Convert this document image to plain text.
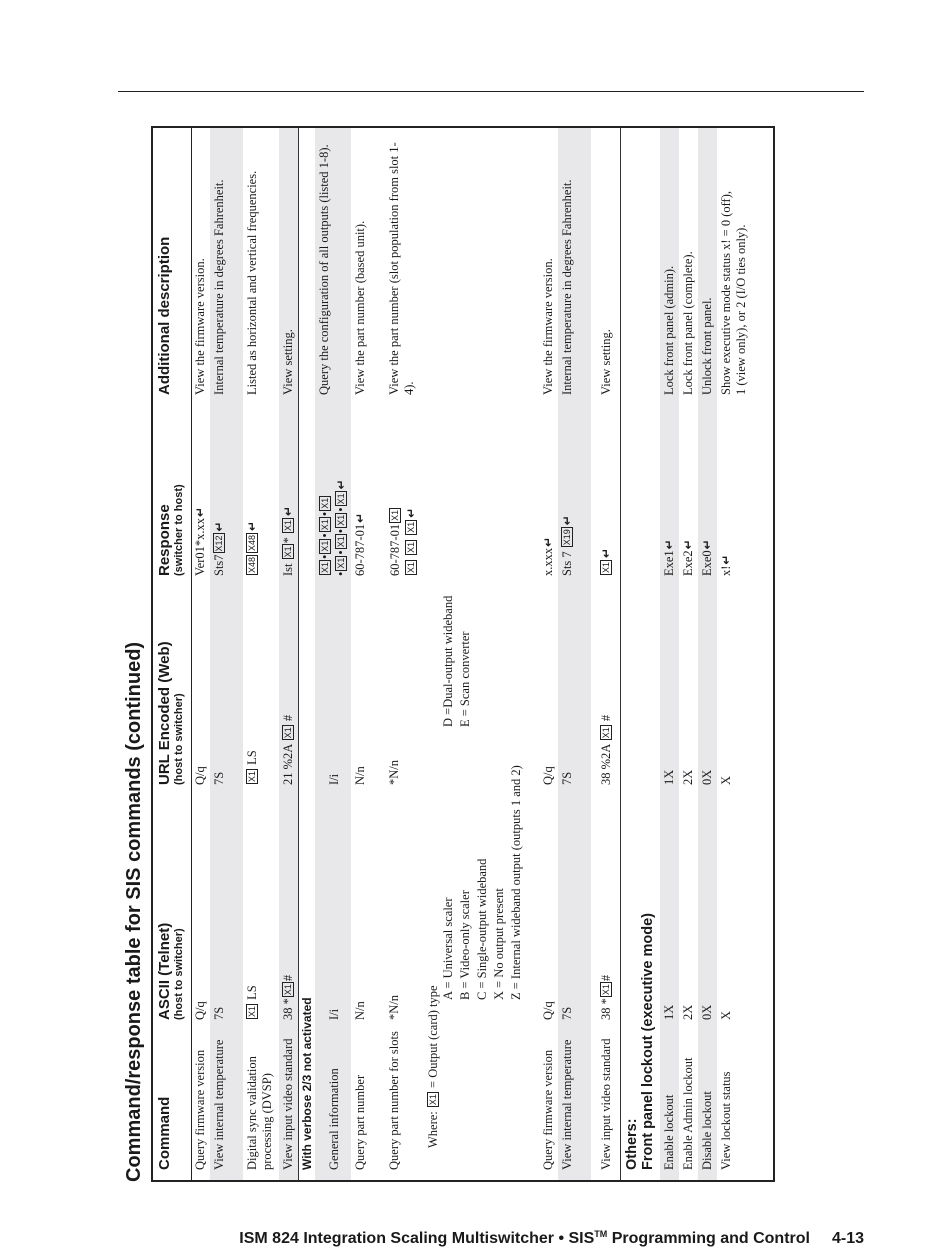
Command/response table for SIS commands (continued) Command
ASCII (Telnet) (host to switcher)
URL Encoded (Web) (host to switcher)
Response (switcher to host)
Additional description
Query firmware version
Q/q
Q/q
Ver01*x.xx↵
View the firmware version.
View internal temperature
7S
7S
Sts7X12↵
Internal temperature in degrees Fahrenheit.
Digital sync validation processing (DVSP)
X1 LS
X1 LS
X48X48↵
Listed as horizontal and vertical frequencies.
View input video standard
38 *X1#
21 %2A X1 #
Ist X1* X1↵
View setting.
With verbose 2/3 not activated General information
I/i
I/i
X1•X1•X1•X1
•X1•X1•X1•X1↵
Query the configuration of all outputs (listed 1-8).
Query part number
N/n
N/n
60-787-01↵
View the part number (based unit).
Query part number for slots
*N/n
*N/n
60-787-01X1
X1 X1 X1↵
View the part number (slot population from slot 1-4).
Where: X1 = Output (card) type
A = Universal scaler B = Video-only scaler C = Single-output wideband X = No output present Z = Internal wideband output (outputs 1 and 2)
D =Dual-output wideband E = Scan converter
Query firmware version
Q/q
Q/q
x.xxx↵
View the firmware version.
View internal temperature
7S
7S
Sts 7 X19↵
Internal temperature in degrees Fahrenheit.
View input video standard
38 *X1#
38 %2A X1 #
X1↵
View setting.
Others: Front panel lockout (executive mode) Enable lockout
1X
1X
Exe1↵
Lock front panel (admin).
Enable Admin lockout
2X
2X
Exe2↵
Lock front panel (complete).
Disable lockout
0X
0X
Exe0↵
Unlock front panel.
View lockout status
X
X
x!↵
Show executive mode status x! = 0 (off), 1 (view only), or 2 (I/O ties only).
ISM 824 Integration Scaling Multiswitcher • SIS™ Programming and Control 4-13
